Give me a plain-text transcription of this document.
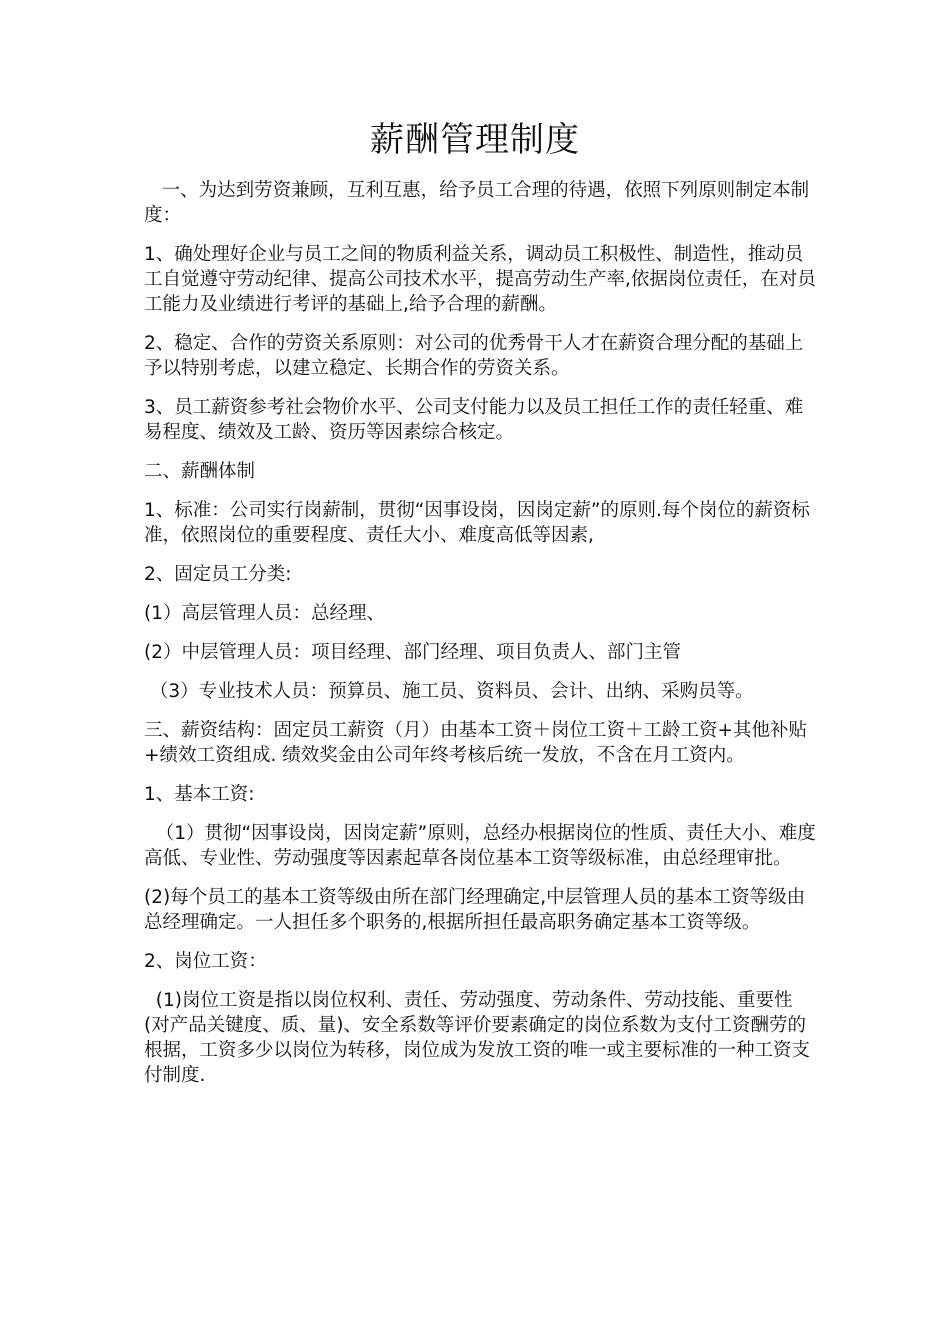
薪酬管理制度

一、为达到劳资兼顾，互利互惠，给予员工合理的待遇，依照下列原则制定本制度：

1、确处理好企业与员工之间的物质利益关系，调动员工积极性、制造性，推动员工自觉遵守劳动纪律、提高公司技术水平，提高劳动生产率,依据岗位责任，在对员工能力及业绩进行考评的基础上,给予合理的薪酬。

2、稳定、合作的劳资关系原则：对公司的优秀骨干人才在薪资合理分配的基础上予以特别考虑，以建立稳定、长期合作的劳资关系。

3、员工薪资参考社会物价水平、公司支付能力以及员工担任工作的责任轻重、难易程度、绩效及工龄、资历等因素综合核定。

二、薪酬体制

1、标准：公司实行岗薪制，贯彻“因事设岗，因岗定薪”的原则.每个岗位的薪资标准，依照岗位的重要程度、责任大小、难度高低等因素,

2、固定员工分类:

(1）高层管理人员：总经理、

(2）中层管理人员：项目经理、部门经理、项目负责人、部门主管

（3）专业技术人员：预算员、施工员、资料员、会计、出纳、采购员等。

三、薪资结构：固定员工薪资（月）由基本工资＋岗位工资＋工龄工资+其他补贴+绩效工资组成. 绩效奖金由公司年终考核后统一发放，不含在月工资内。

1、基本工资:

（1）贯彻“因事设岗，因岗定薪”原则，总经办根据岗位的性质、责任大小、难度高低、专业性、劳动强度等因素起草各岗位基本工资等级标准，由总经理审批。

(2)每个员工的基本工资等级由所在部门经理确定,中层管理人员的基本工资等级由总经理确定。一人担任多个职务的,根据所担任最高职务确定基本工资等级。

2、岗位工资：

(1)岗位工资是指以岗位权利、责任、劳动强度、劳动条件、劳动技能、重要性(对产品关键度、质、量)、安全系数等评价要素确定的岗位系数为支付工资酬劳的根据，工资多少以岗位为转移，岗位成为发放工资的唯一或主要标准的一种工资支付制度.
